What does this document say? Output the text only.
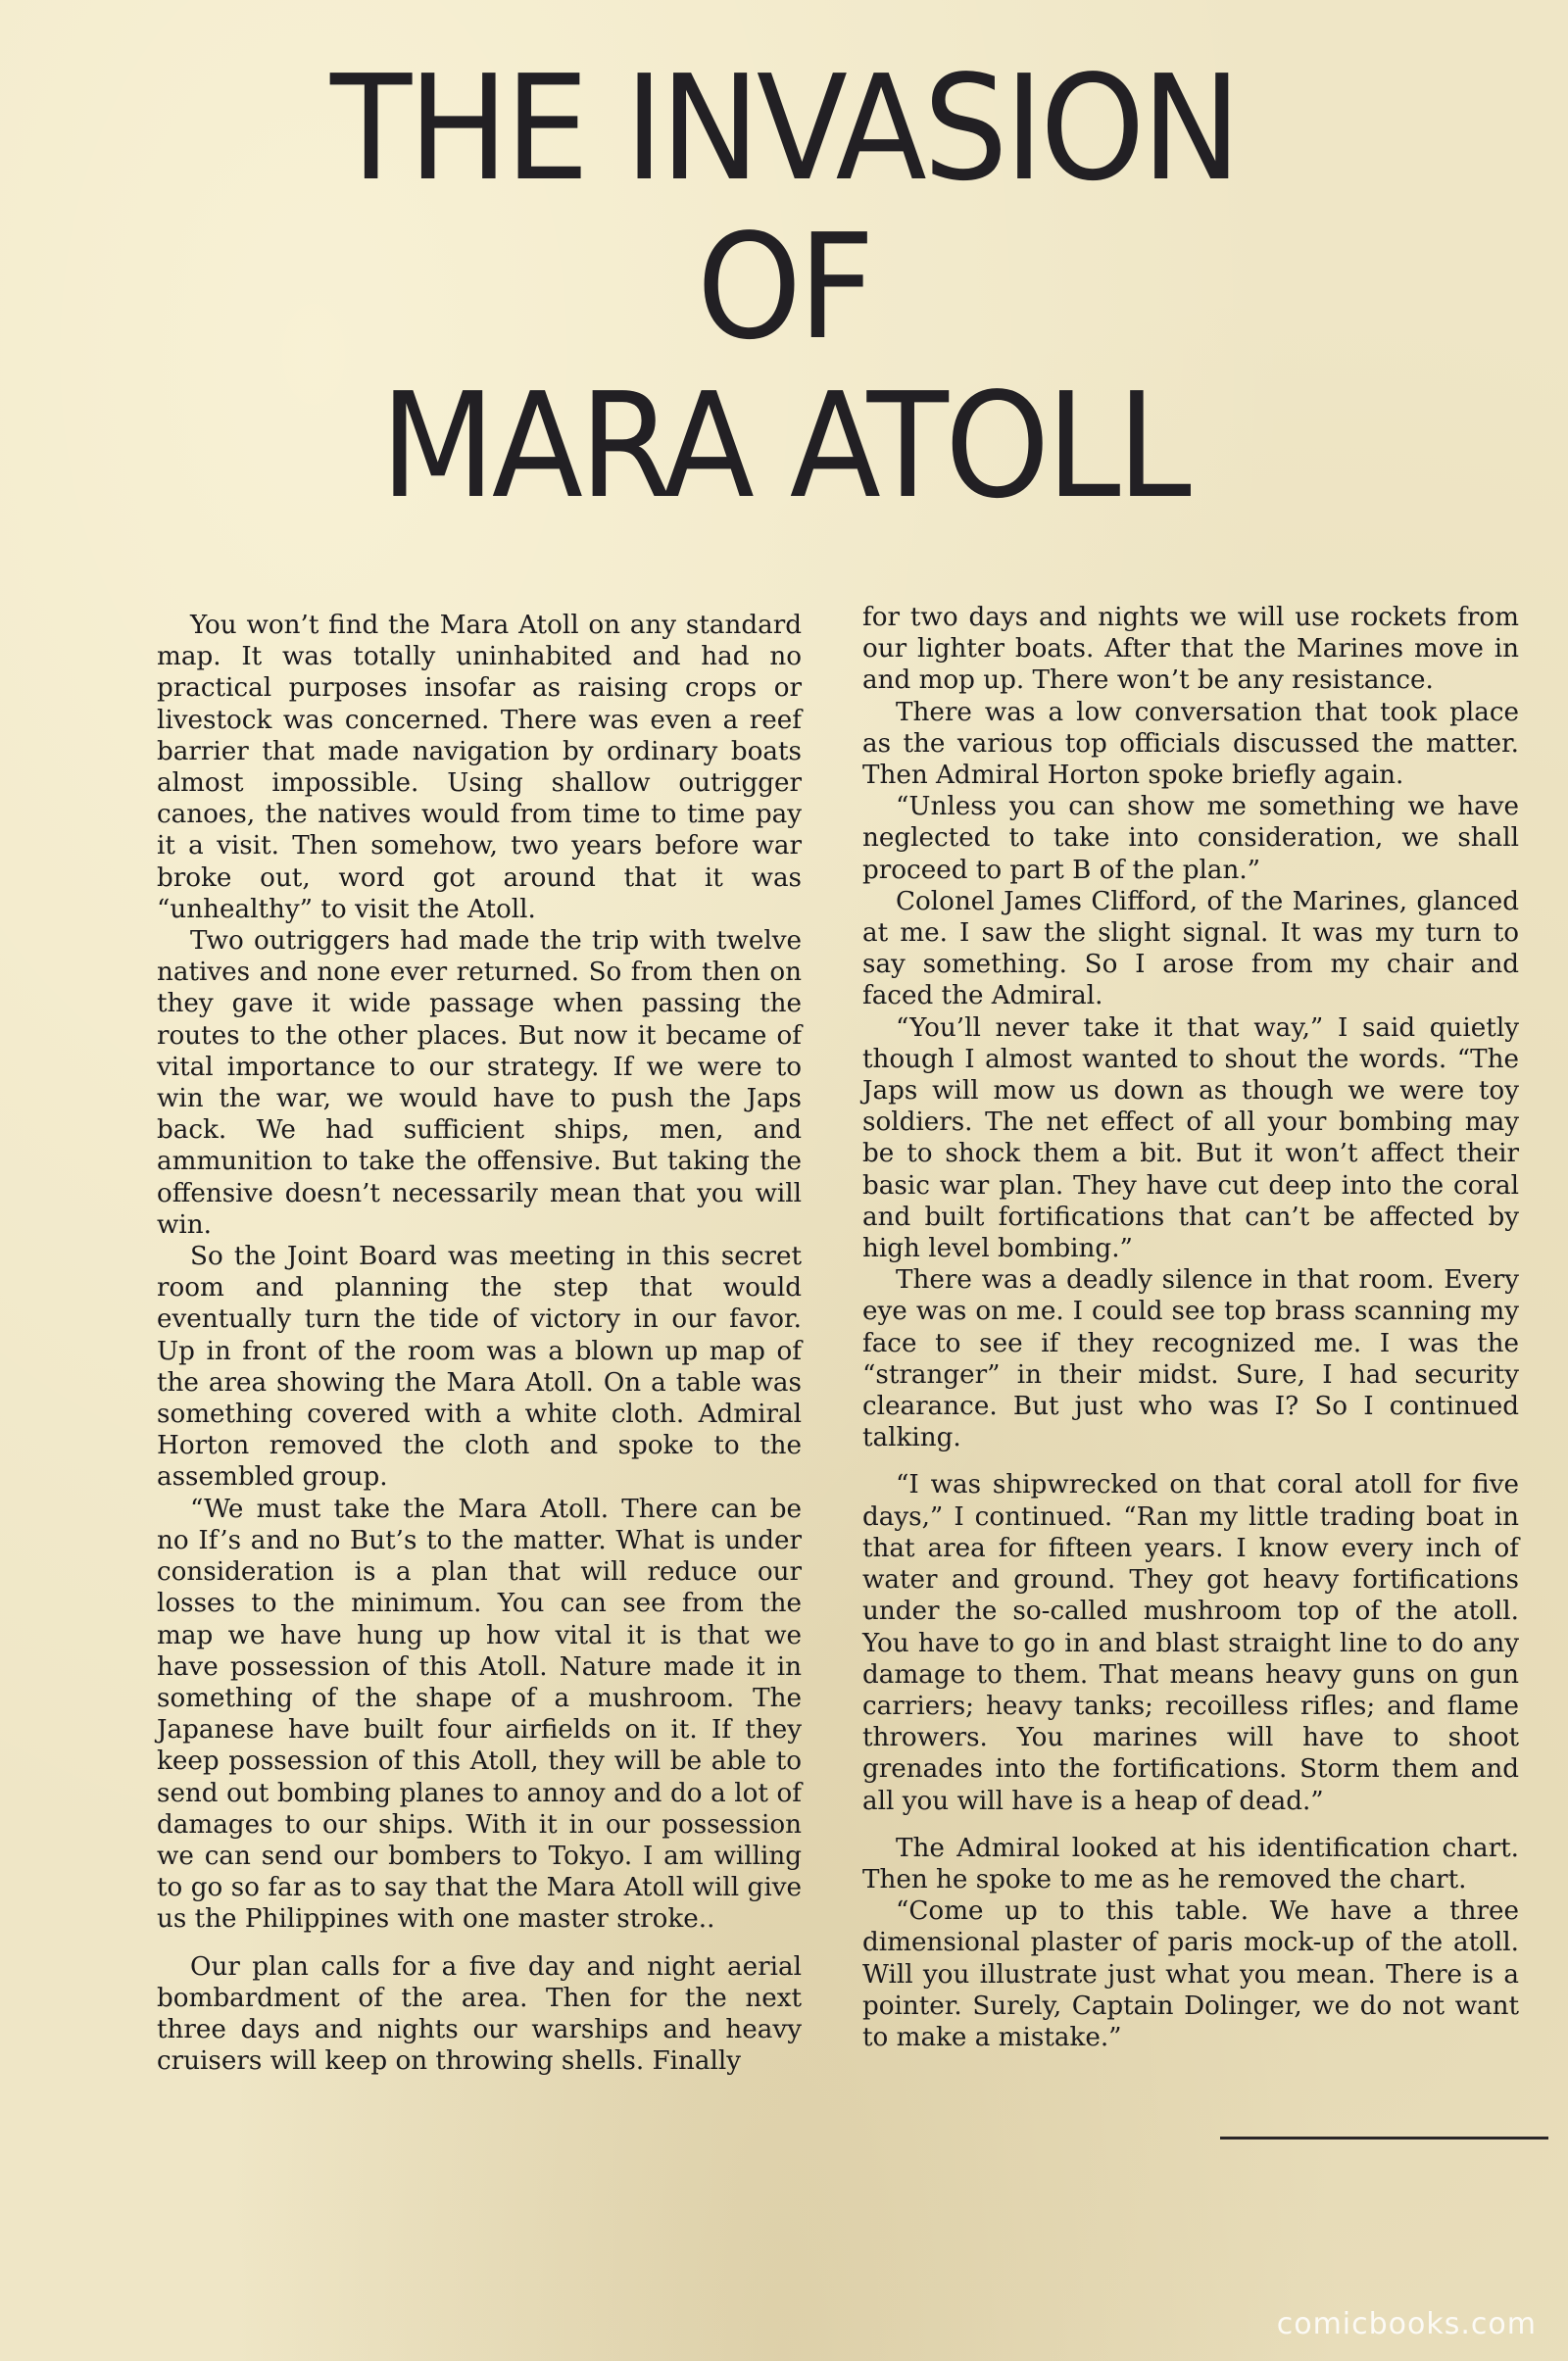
THE INVASION
OF
MARA ATOLL

You won’t find the Mara Atoll on any standard map. It was totally uninhabited and had no practical purposes insofar as raising crops or livestock was concerned. There was even a reef barrier that made navigation by ordinary boats almost impossible. Using shallow outrigger canoes, the natives would from time to time pay it a visit. Then somehow, two years before war broke out, word got around that it was “unhealthy” to visit the Atoll.

Two outriggers had made the trip with twelve natives and none ever returned. So from then on they gave it wide passage when passing the routes to the other places. But now it became of vital importance to our strategy. If we were to win the war, we would have to push the Japs back. We had sufficient ships, men, and ammunition to take the offensive. But taking the offensive doesn’t necessarily mean that you will win.

So the Joint Board was meeting in this secret room and planning the step that would eventually turn the tide of victory in our favor. Up in front of the room was a blown up map of the area showing the Mara Atoll. On a table was something covered with a white cloth. Admiral Horton removed the cloth and spoke to the assembled group.

“We must take the Mara Atoll. There can be no If’s and no But’s to the matter. What is under consideration is a plan that will reduce our losses to the minimum. You can see from the map we have hung up how vital it is that we have possession of this Atoll. Nature made it in something of the shape of a mushroom. The Japanese have built four airfields on it. If they keep possession of this Atoll, they will be able to send out bombing planes to annoy and do a lot of damages to our ships. With it in our possession we can send our bombers to Tokyo. I am willing to go so far as to say that the Mara Atoll will give us the Philippines with one master stroke..

Our plan calls for a five day and night aerial bombardment of the area. Then for the next three days and nights our warships and heavy cruisers will keep on throwing shells. Finally

for two days and nights we will use rockets from our lighter boats. After that the Marines move in and mop up. There won’t be any resistance.

There was a low conversation that took place as the various top officials discussed the matter. Then Admiral Horton spoke briefly again.

“Unless you can show me something we have neglected to take into consideration, we shall proceed to part B of the plan.”

Colonel James Clifford, of the Marines, glanced at me. I saw the slight signal. It was my turn to say something. So I arose from my chair and faced the Admiral.

“You’ll never take it that way,” I said quietly though I almost wanted to shout the words. “The Japs will mow us down as though we were toy soldiers. The net effect of all your bombing may be to shock them a bit. But it won’t affect their basic war plan. They have cut deep into the coral and built fortifications that can’t be affected by high level bombing.”

There was a deadly silence in that room. Every eye was on me. I could see top brass scanning my face to see if they recognized me. I was the “stranger” in their midst. Sure, I had security clearance. But just who was I? So I continued talking.

“I was shipwrecked on that coral atoll for five days,” I continued. “Ran my little trading boat in that area for fifteen years. I know every inch of water and ground. They got heavy fortifications under the so-called mushroom top of the atoll. You have to go in and blast straight line to do any damage to them. That means heavy guns on gun carriers; heavy tanks; recoilless rifles; and flame throwers. You marines will have to shoot grenades into the fortifications. Storm them and all you will have is a heap of dead.”

The Admiral looked at his identification chart. Then he spoke to me as he removed the chart.

“Come up to this table. We have a three dimensional plaster of paris mock-up of the atoll. Will you illustrate just what you mean. There is a pointer. Surely, Captain Dolinger, we do not want to make a mistake.”

comicbooks.com
